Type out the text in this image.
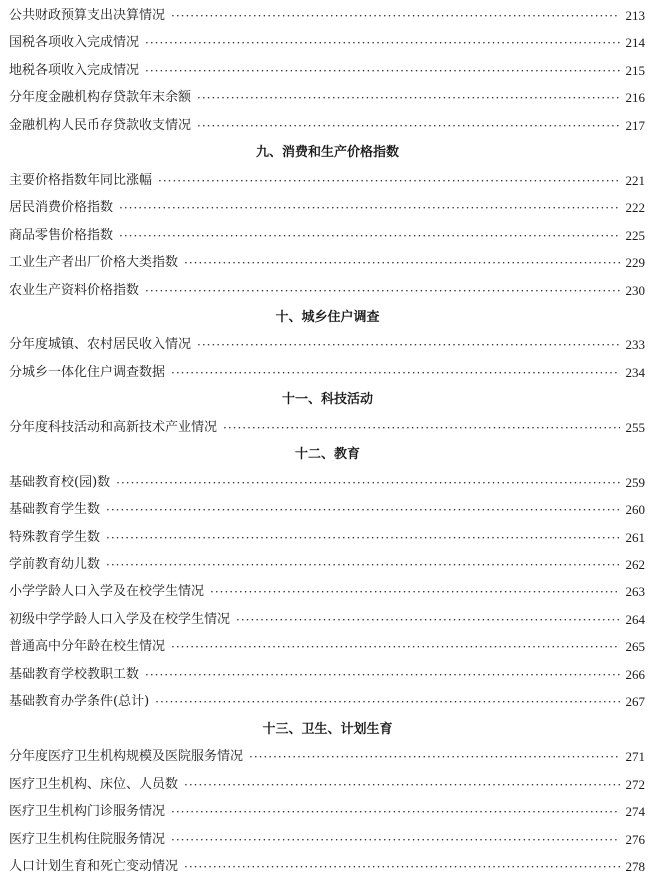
公共财政预算支出决算情况 ·····	213
国税各项收入完成情况 ·····	214
地税各项收入完成情况 ·····	215
分年度金融机构存贷款年末余额 ·····	216
金融机构人民币存贷款收支情况 ·····	217
九、消费和生产价格指数
主要价格指数年同比涨幅 ·····	221
居民消费价格指数 ·····	222
商品零售价格指数 ·····	225
工业生产者出厂价格大类指数 ·····	229
农业生产资料价格指数 ·····	230
十、城乡住户调查
分年度城镇、农村居民收入情况 ·····	233
分城乡一体化住户调查数据 ·····	234
十一、科技活动
分年度科技活动和高新技术产业情况 ·····	255
十二、教育
基础教育校(园)数 ·····	259
基础教育学生数 ·····	260
特殊教育学生数 ·····	261
学前教育幼儿数 ·····	262
小学学龄人口入学及在校学生情况 ·····	263
初级中学学龄人口入学及在校学生情况 ·····	264
普通高中分年龄在校生情况 ·····	265
基础教育学校教职工数 ·····	266
基础教育办学条件(总计) ·····	267
十三、卫生、计划生育
分年度医疗卫生机构规模及医院服务情况 ·····	271
医疗卫生机构、床位、人员数 ·····	272
医疗卫生机构门诊服务情况 ·····	274
医疗卫生机构住院服务情况 ·····	276
人口计划生育和死亡变动情况 ·····	278
